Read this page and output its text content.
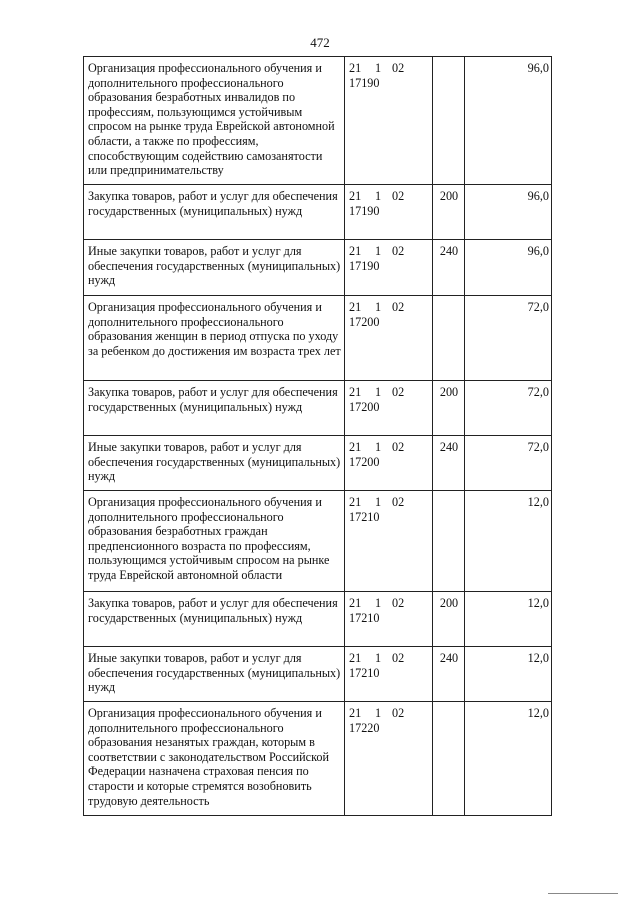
472
Организация профессионального обучения и дополнительного профессионального образования безработных инвалидов по профессиям, пользующимся устойчивым спросом на рынке труда Еврейской автономной области, а также по профессиям, способствующим содействию самозанятости или предпринимательству	21 1 0217190		96,0
Закупка товаров, работ и услуг для обеспечения государственных (муниципальных) нужд	21 1 0217190	200	96,0
Иные закупки товаров, работ и услуг для обеспечения государственных (муниципальных) нужд	21 1 0217190	240	96,0
Организация профессионального обучения и дополнительного профессионального образования женщин в период отпуска по уходу за ребенком до достижения им возраста трех лет	21 1 0217200		72,0
Закупка товаров, работ и услуг для обеспечения государственных (муниципальных) нужд	21 1 0217200	200	72,0
Иные закупки товаров, работ и услуг для обеспечения государственных (муниципальных) нужд	21 1 0217200	240	72,0
Организация профессионального обучения и дополнительного профессионального образования безработных граждан предпенсионного возраста по профессиям, пользующимся устойчивым спросом на рынке труда Еврейской автономной области	21 1 0217210		12,0
Закупка товаров, работ и услуг для обеспечения государственных (муниципальных) нужд	21 1 0217210	200	12,0
Иные закупки товаров, работ и услуг для обеспечения государственных (муниципальных) нужд	21 1 0217210	240	12,0
Организация профессионального обучения и дополнительного профессионального образования незанятых граждан, которым в соответствии с законодательством Российской Федерации назначена страховая пенсия по старости и которые стремятся возобновить трудовую деятельность	21 1 0217220		12,0
